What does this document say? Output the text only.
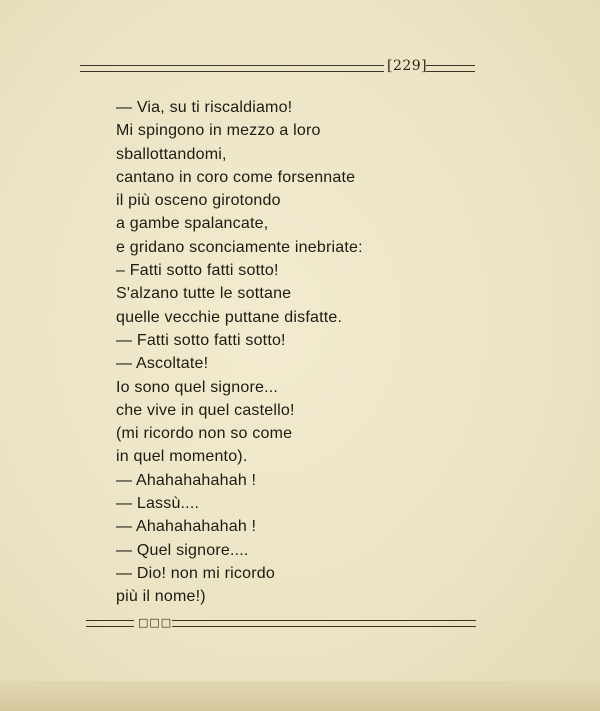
[229]
— Via, su ti riscaldiamo!
Mi spingono in mezzo a loro
sballottandomi,
cantano in coro come forsennate
il più osceno girotondo
a gambe spalancate,
e gridano sconciamente inebriate:
– Fatti sotto fatti sotto!
S'alzano tutte le sottane
quelle vecchie puttane disfatte.
— Fatti sotto fatti sotto!
— Ascoltate!
Io sono quel signore...
che vive in quel castello!
(mi ricordo non so come
in quel momento).
— Ahahahahahah !
— Lassù....
— Ahahahahahah !
— Quel signore....
— Dio! non mi ricordo
più il nome!)
□□□
